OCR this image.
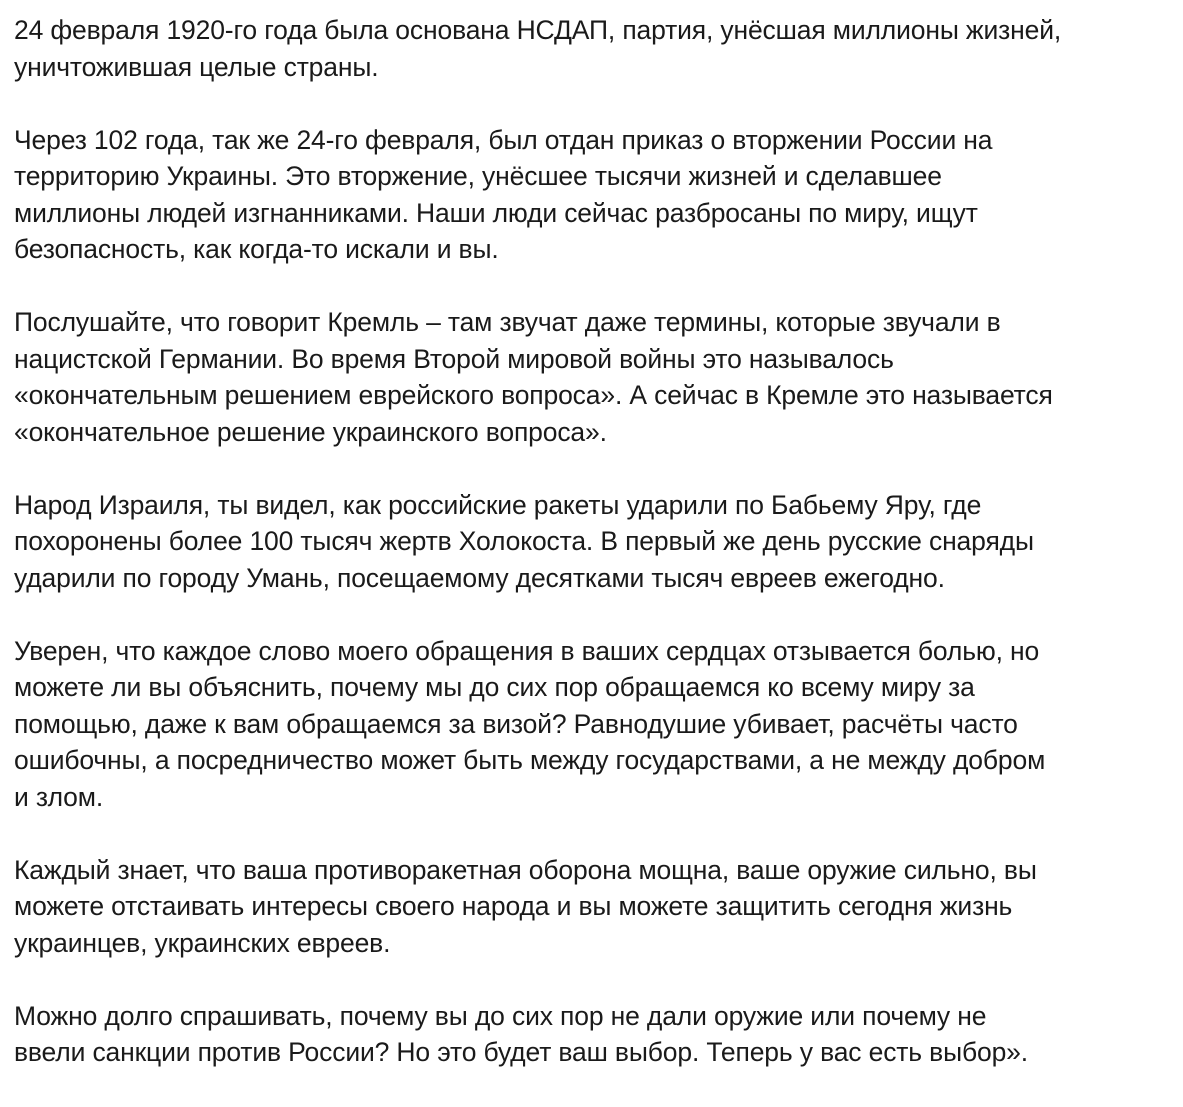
24 февраля 1920-го года была основана НСДАП, партия, унёсшая миллионы жизней,
уничтожившая целые страны.
Через 102 года, так же 24-го февраля, был отдан приказ о вторжении России на
территорию Украины. Это вторжение, унёсшее тысячи жизней и сделавшее
миллионы людей изгнанниками. Наши люди сейчас разбросаны по миру, ищут
безопасность, как когда-то искали и вы.
Послушайте, что говорит Кремль – там звучат даже термины, которые звучали в
нацистской Германии. Во время Второй мировой войны это называлось
«окончательным решением еврейского вопроса». А сейчас в Кремле это называется
«окончательное решение украинского вопроса».
Народ Израиля, ты видел, как российские ракеты ударили по Бабьему Яру, где
похоронены более 100 тысяч жертв Холокоста. В первый же день русские снаряды
ударили по городу Умань, посещаемому десятками тысяч евреев ежегодно.
Уверен, что каждое слово моего обращения в ваших сердцах отзывается болью, но
можете ли вы объяснить, почему мы до сих пор обращаемся ко всему миру за
помощью, даже к вам обращаемся за визой? Равнодушие убивает, расчёты часто
ошибочны, а посредничество может быть между государствами, а не между добром
и злом.
Каждый знает, что ваша противоракетная оборона мощна, ваше оружие сильно, вы
можете отстаивать интересы своего народа и вы можете защитить сегодня жизнь
украинцев, украинских евреев.
Можно долго спрашивать, почему вы до сих пор не дали оружие или почему не
ввели санкции против России? Но это будет ваш выбор. Теперь у вас есть выбор».
